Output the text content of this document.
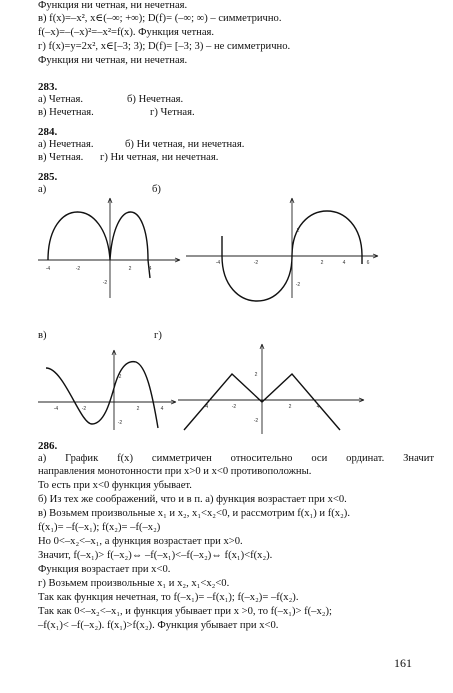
Функция ни четная, ни нечетная.
в) f(x)=–x², x∈(–∞; +∞); D(f)= (–∞; ∞) – симметрично.
f(–x)=–(–x)²=–x²=f(x). Функция четная.
г) f(x)=y=2x², x∈[–3; 3); D(f)= [–3; 3) – не симметрично.
Функция ни четная, ни нечетная.
283.
а) Четная.	б) Нечетная.
в) Нечетная.	г) Четная.
284.
а) Нечетная.	б) Ни четная, ни нечетная.
в) Четная. г) Ни четная, ни нечетная.
285.
а)	б)
-4	-2	2	4
-2
-4	-2	2	4	6
2
-2
в)	г)
-4	-2	2	4
2
-2
-4	-2	2	4
2
-2
286.
а) График f(x) симметричен относительно оси ординат. Значит
направления монотонности при x>0 и x<0 противоположны.
То есть при x<0 функция убывает.
б) Из тех же соображений, что и в п. а) функция возрастает при x<0.
в) Возьмем произвольные x₁ и x₂, x₁<x₂<0, и рассмотрим f(x₁) и f(x₂).
f(x₁)= –f(–x₁); f(x₂)= –f(–x₂)
Но 0<–x₂<–x₁, а функция возрастает при x>0.
Значит, f(–x₁)> f(–x₂)⇔ –f(–x₁)<–f(–x₂)⇔ f(x₁)<f(x₂).
Функция возрастает при x<0.
г) Возьмем произвольные x₁ и x₂, x₁<x₂<0.
Так как функция нечетная, то f(–x₁)= –f(x₁); f(–x₂)= –f(x₂).
Так как 0<–x₂<–x₁, и функция убывает при x >0, то f(–x₁)> f(–x₂);
–f(x₁)< –f(–x₂). f(x₁)>f(x₂). Функция убывает при x<0.
161
